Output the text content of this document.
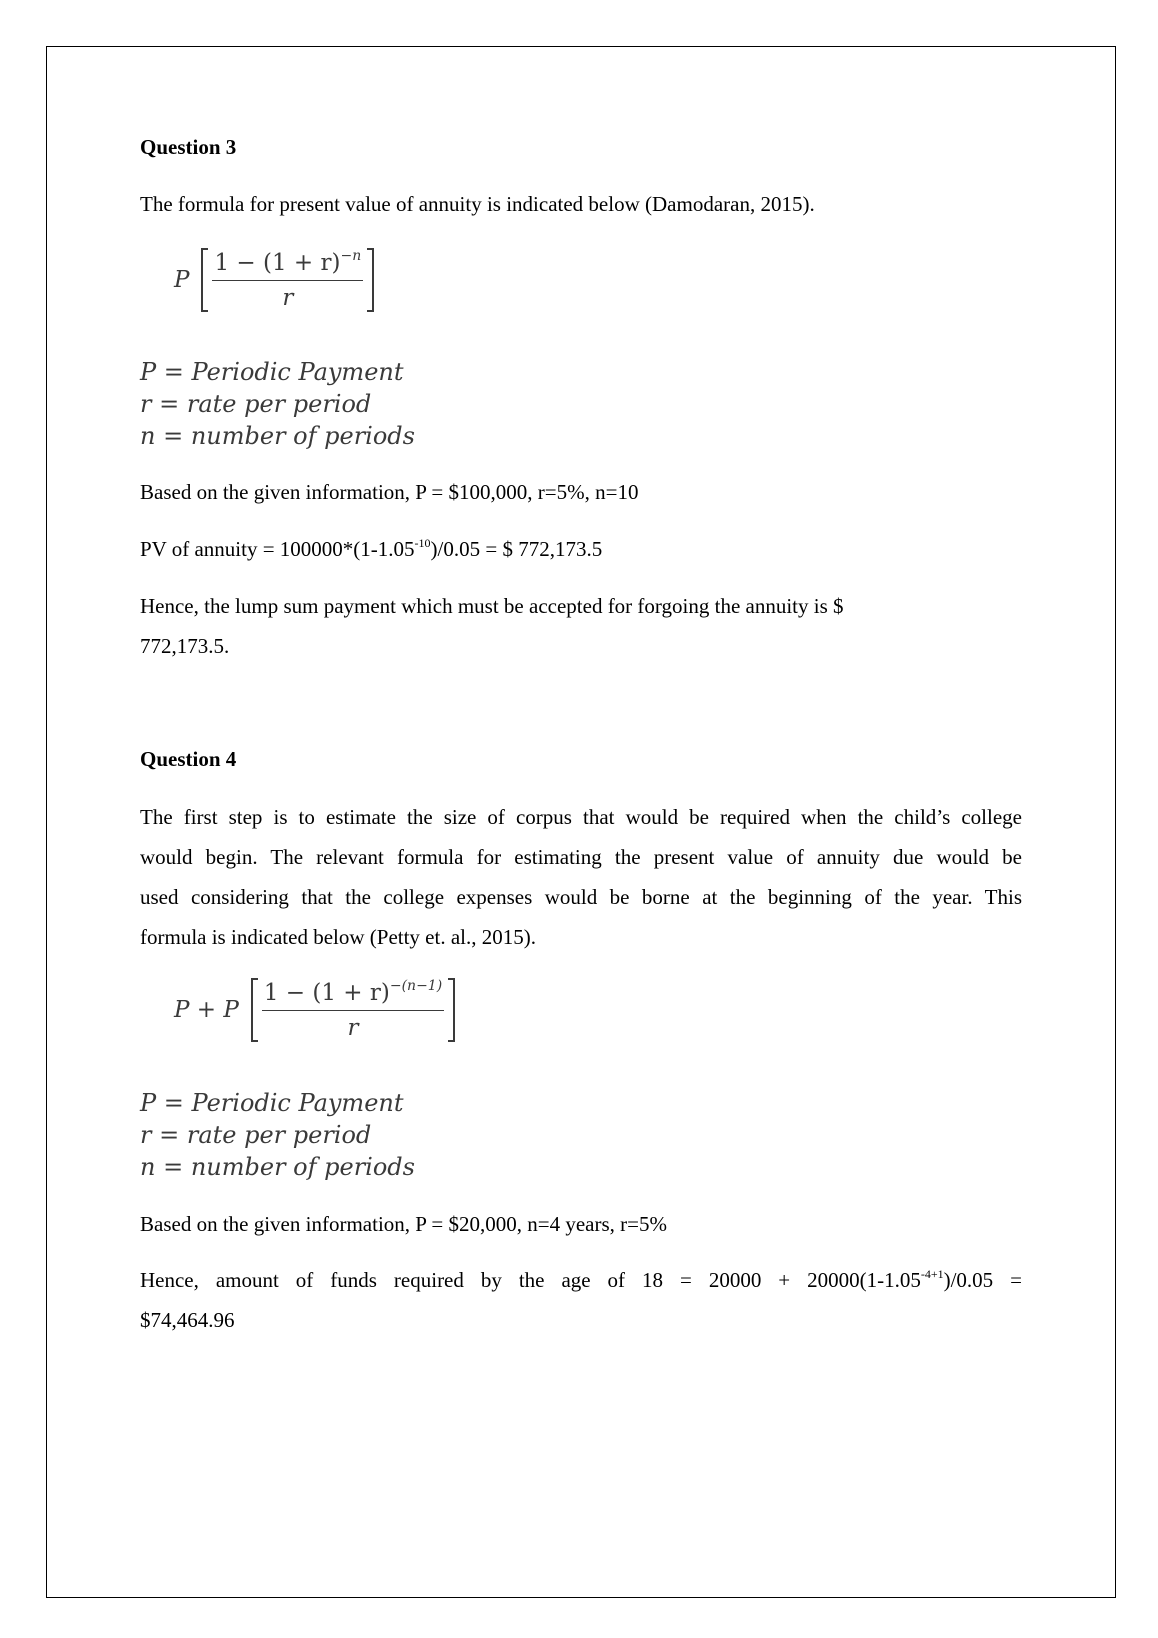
Question 3

The formula for present value of annuity is indicated below (Damodaran, 2015).

P $\frac{1 - (1 + r)^{-n}}{r}$
P = Periodic Payment
r = rate per period
n = number of periods

Based on the given information, P = $100,000, r=5%, n=10

PV of annuity = $100000*(1-1.05^{-10})/0.05$ = $ 772,173.5

Hence, the lump sum payment which must be accepted for forgoing the annuity is $
772,173.5.

Question 4

The first step is to estimate the size of corpus that would be required when the child’s college
would begin. The relevant formula for estimating the present value of annuity due would be
used considering that the college expenses would be borne at the beginning of the year. This
formula is indicated below (Petty et. al., 2015).

P + P $\frac{1 - (1 + r)^{-(n-1)}}{r}$
P = Periodic Payment
r = rate per period
n = number of periods

Based on the given information, P = $20,000, n=4 years, r=5%

Hence, amount of funds required by the age of $18 = 20000 + 20000(1-1.05^{-4+1})/0.05$ =
$74,464.96
